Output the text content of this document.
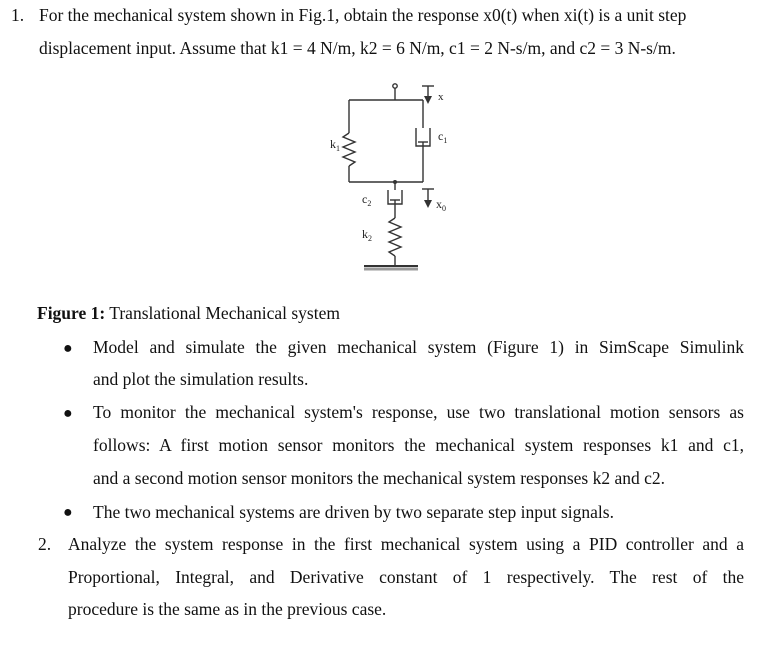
1. For the mechanical system shown in Fig.1, obtain the response x0(t) when xi(t) is a unit step
displacement input. Assume that k1 = 4 N/m, k2 = 6 N/m, c1 = 2 N-s/m, and c2 = 3 N-s/m.
x
$k_1$
$c_1$
$c_2$	$x_0$
$k_2$
Figure 1: Translational Mechanical system
● Model and simulate the given mechanical system (Figure 1) in SimScape Simulink
and plot the simulation results.
● To monitor the mechanical system's response, use two translational motion sensors as
follows: A first motion sensor monitors the mechanical system responses k1 and c1,
and a second motion sensor monitors the mechanical system responses k2 and c2.
● The two mechanical systems are driven by two separate step input signals.
2. Analyze the system response in the first mechanical system using a PID controller and a
Proportional, Integral, and Derivative constant of 1 respectively. The rest of the
procedure is the same as in the previous case.
